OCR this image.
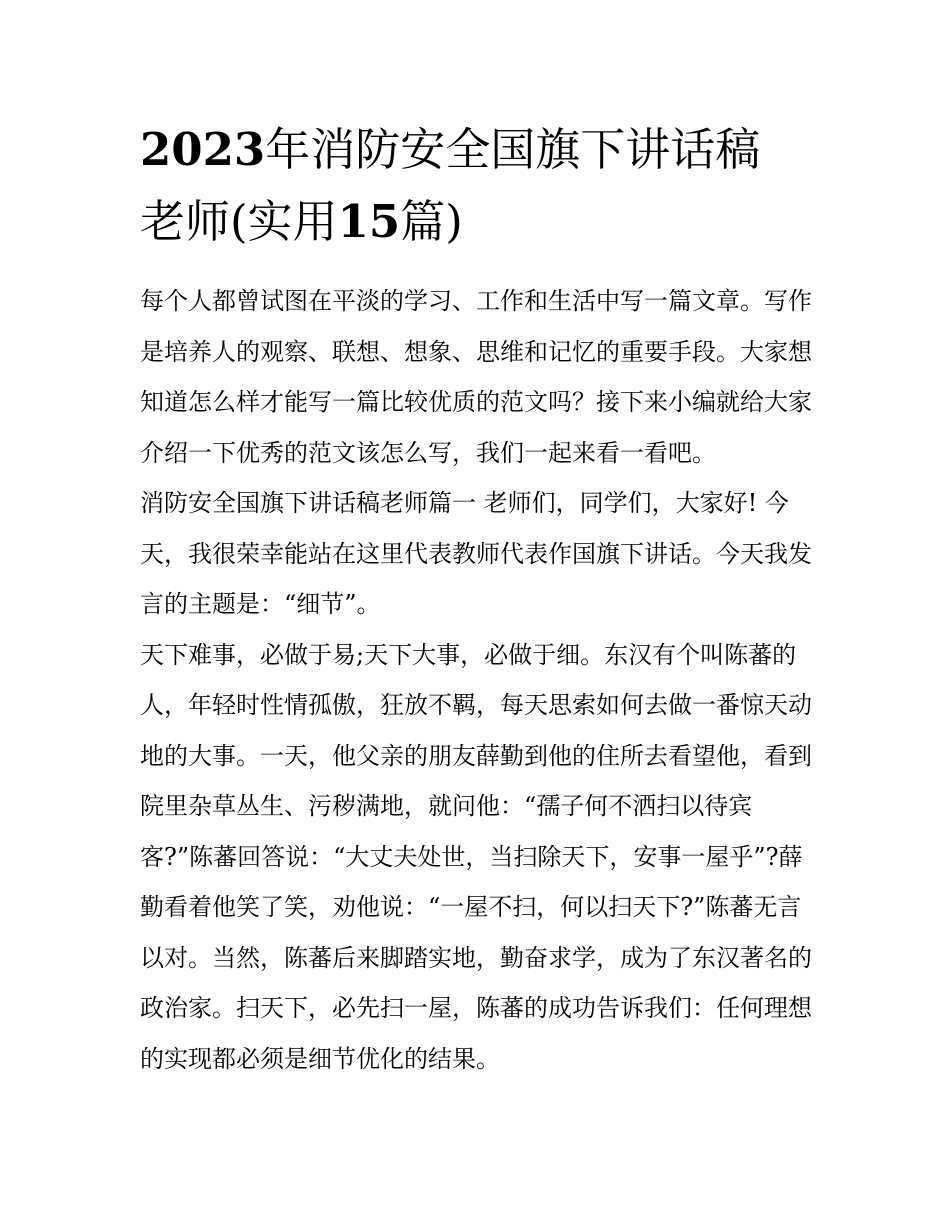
2023年消防安全国旗下讲话稿
老师(实用15篇)

每个人都曾试图在平淡的学习、工作和生活中写一篇文章。写作是培养人的观察、联想、想象、思维和记忆的重要手段。大家想知道怎么样才能写一篇比较优质的范文吗？接下来小编就给大家介绍一下优秀的范文该怎么写，我们一起来看一看吧。

消防安全国旗下讲话稿老师篇一 老师们，同学们，大家好! 今天，我很荣幸能站在这里代表教师代表作国旗下讲话。今天我发言的主题是：“细节”。

天下难事，必做于易;天下大事，必做于细。东汉有个叫陈蕃的人，年轻时性情孤傲，狂放不羁，每天思索如何去做一番惊天动地的大事。一天，他父亲的朋友薛勤到他的住所去看望他，看到院里杂草丛生、污秽满地，就问他：“孺子何不洒扫以待宾客?”陈蕃回答说：“大丈夫处世，当扫除天下，安事一屋乎”?薛勤看着他笑了笑，劝他说：“一屋不扫，何以扫天下?”陈蕃无言以对。当然，陈蕃后来脚踏实地，勤奋求学，成为了东汉著名的政治家。扫天下，必先扫一屋，陈蕃的成功告诉我们：任何理想的实现都必须是细节优化的结果。
